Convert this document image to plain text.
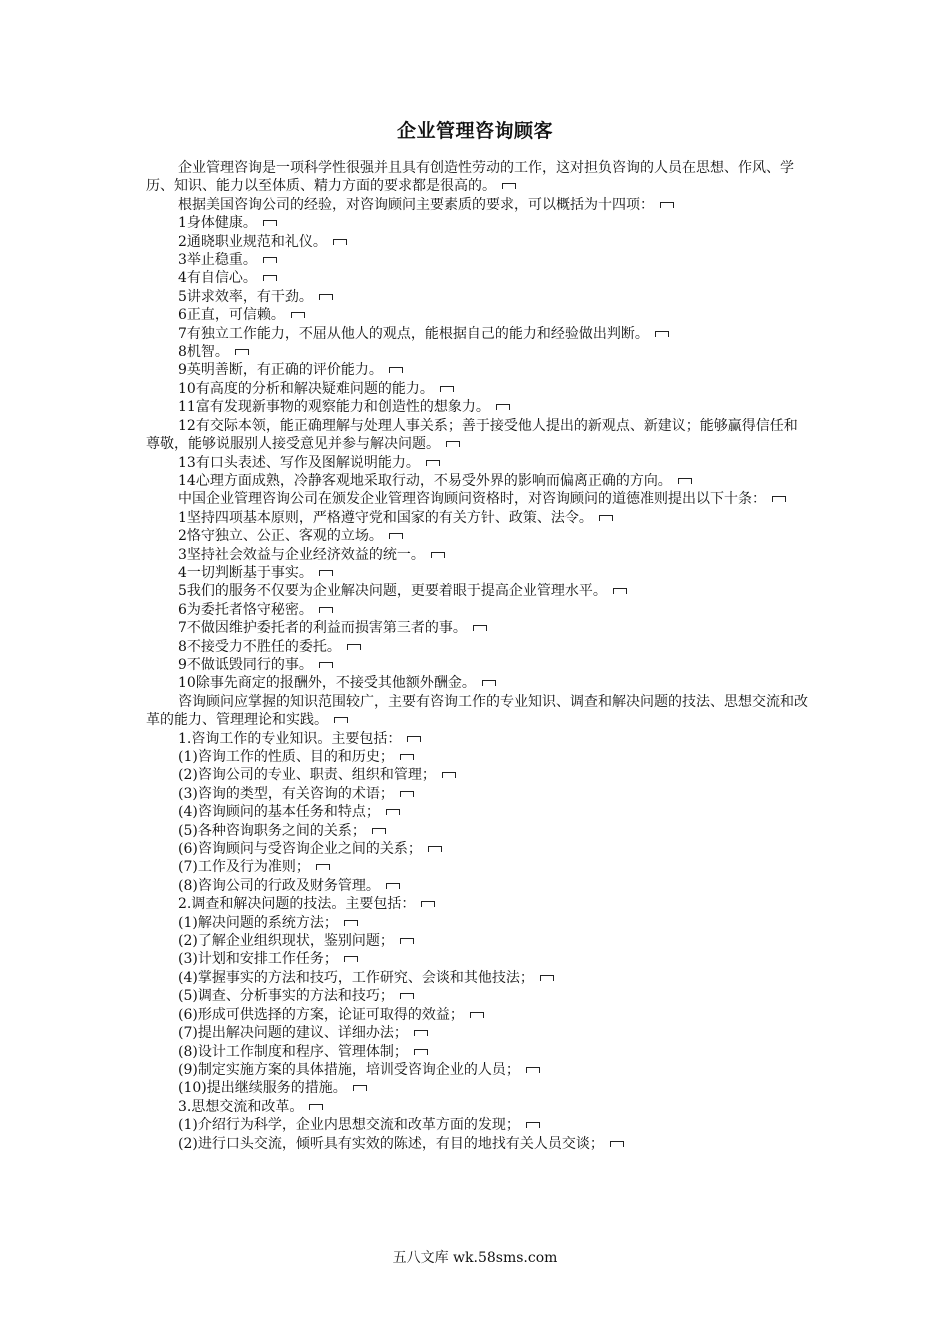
企业管理咨询顾客

企业管理咨询是一项科学性很强并且具有创造性劳动的工作，这对担负咨询的人员在思想、作风、学历、知识、能力以至体质、精力方面的要求都是很高的。

根据美国咨询公司的经验，对咨询顾问主要素质的要求，可以概括为十四项：

1身体健康。

2通晓职业规范和礼仪。

3举止稳重。

4有自信心。

5讲求效率，有干劲。

6正直，可信赖。

7有独立工作能力，不屈从他人的观点，能根据自己的能力和经验做出判断。

8机智。

9英明善断，有正确的评价能力。

10有高度的分析和解决疑难问题的能力。

11富有发现新事物的观察能力和创造性的想象力。

12有交际本领，能正确理解与处理人事关系；善于接受他人提出的新观点、新建议；能够赢得信任和尊敬，能够说服别人接受意见并参与解决问题。

13有口头表述、写作及图解说明能力。

14心理方面成熟，冷静客观地采取行动，不易受外界的影响而偏离正确的方向。

中国企业管理咨询公司在颁发企业管理咨询顾问资格时，对咨询顾问的道德准则提出以下十条：

1坚持四项基本原则，严格遵守党和国家的有关方针、政策、法令。

2恪守独立、公正、客观的立场。

3坚持社会效益与企业经济效益的统一。

4一切判断基于事实。

5我们的服务不仅要为企业解决问题，更要着眼于提高企业管理水平。

6为委托者恪守秘密。

7不做因维护委托者的利益而损害第三者的事。

8不接受力不胜任的委托。

9不做诋毁同行的事。

10除事先商定的报酬外，不接受其他额外酬金。

咨询顾问应掌握的知识范围较广，主要有咨询工作的专业知识、调查和解决问题的技法、思想交流和改革的能力、管理理论和实践。

1.咨询工作的专业知识。主要包括：

(1)咨询工作的性质、目的和历史；

(2)咨询公司的专业、职责、组织和管理；

(3)咨询的类型，有关咨询的术语；

(4)咨询顾问的基本任务和特点；

(5)各种咨询职务之间的关系；

(6)咨询顾问与受咨询企业之间的关系；

(7)工作及行为准则；

(8)咨询公司的行政及财务管理。

2.调查和解决问题的技法。主要包括：

(1)解决问题的系统方法；

(2)了解企业组织现状，鉴别问题；

(3)计划和安排工作任务；

(4)掌握事实的方法和技巧，工作研究、会谈和其他技法；

(5)调查、分析事实的方法和技巧；

(6)形成可供选择的方案，论证可取得的效益；

(7)提出解决问题的建议、详细办法；

(8)设计工作制度和程序、管理体制；

(9)制定实施方案的具体措施，培训受咨询企业的人员；

(10)提出继续服务的措施。

3.思想交流和改革。

(1)介绍行为科学，企业内思想交流和改革方面的发现；

(2)进行口头交流，倾听具有实效的陈述，有目的地找有关人员交谈；

五八文库 wk.58sms.com
